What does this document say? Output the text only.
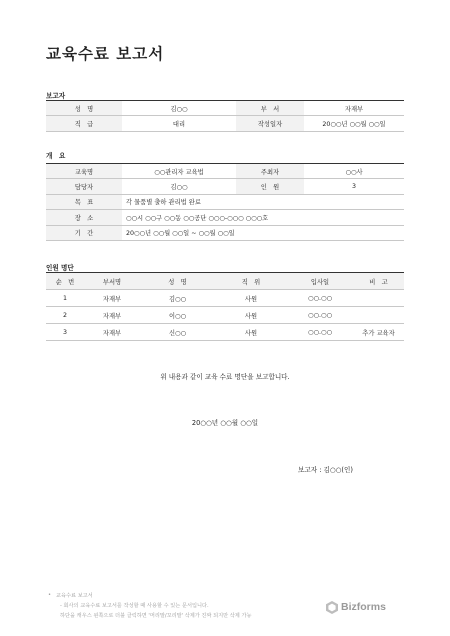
교육수료 보고서
보고자
성　명	김○○	부　서	자재부
직　급	대리	작성일자	20○○년 ○○월 ○○일
개　요
교육명	○○관리자 교육법	주최자	○○사
담당자	김○○	인　원	3
목　표	각 물품별 출하 관리법 완료		
장　소	○○시 ○○구 ○○동 ○○공단 ○○○-○○○ ○○○호		
기　간	20○○년 ○○월 ○○일 ~ ○○월 ○○일		
인원 명단
순　번	부서명	성　명	직　위	입사일	비　고
1	자재부	김○○	사원	○○.○○	
2	자재부	이○○	사원	○○.○○	
3	자재부	신○○	사원	○○.○○	추가 교육자
위 내용과 같이 교육 수료 명단을 보고합니다.
20○○년 ○○월 ○○일
보고자 : 김○○(인)
• 교육수료 보고서
- 회사의 교육수료 보고서를 작성할 때 사용할 수 있는 문서입니다.
하단을 캐우스 왼쪽으로 더블 클릭하면 '머리말/꼬리말' 삭제가 진짜 되지만 삭제 가능
Bizforms
